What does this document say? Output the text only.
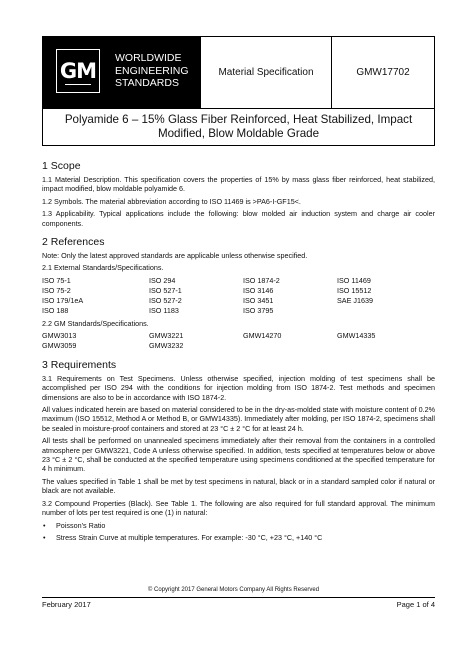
GM
WORLDWIDE
ENGINEERING
STANDARDS
Material Specification	GMW17702
Polyamide 6 – 15% Glass Fiber Reinforced, Heat Stabilized, Impact Modified, Blow Moldable Grade
1 Scope

1.1 Material Description. This specification covers the properties of 15% by mass glass fiber reinforced, heat stabilized, impact modified, blow moldable polyamide 6.

1.2 Symbols. The material abbreviation according to ISO 11469 is >PA6-I-GF15<.

1.3 Applicability. Typical applications include the following: blow molded air induction system and charge air cooler components.

2 References

Note: Only the latest approved standards are applicable unless otherwise specified.

2.1 External Standards/Specifications.

ISO 75-1	ISO 294	ISO 1874-2	ISO 11469
ISO 75-2	ISO 527-1	ISO 3146	ISO 15512
ISO 179/1eA	ISO 527-2	ISO 3451	SAE J1639
ISO 188	ISO 1183	ISO 3795

2.2 GM Standards/Specifications.

GMW3013	GMW3221	GMW14270	GMW14335
GMW3059	GMW3232
3 Requirements

3.1 Requirements on Test Specimens. Unless otherwise specified, injection molding of test specimens shall be accomplished per ISO 294 with the conditions for injection molding from ISO 1874-2. Test methods and specimen dimensions are also to be in accordance with ISO 1874-2.

All values indicated herein are based on material considered to be in the dry-as-molded state with moisture content of 0.2% maximum (ISO 15512, Method A or Method B, or GMW14335). Immediately after molding, per ISO 1874-2, specimens shall be sealed in moisture-proof containers and stored at 23 °C ± 2 °C for at least 24 h.

All tests shall be performed on unannealed specimens immediately after their removal from the containers in a controlled atmosphere per GMW3221, Code A unless otherwise specified. In addition, tests specified at temperatures below or above 23 °C ± 2 °C, shall be conducted at the specified temperature using specimens conditioned at the specified temperature for 4 h minimum.

The values specified in Table 1 shall be met by test specimens in natural, black or in a standard sampled color if natural or black are not available.

3.2 Compound Properties (Black). See Table 1. The following are also required for full standard approval. The minimum number of lots per test required is one (1) in natural:

• Poisson’s Ratio
• Stress Strain Curve at multiple temperatures. For example: -30 °C, +23 °C, +140 °C
© Copyright 2017 General Motors Company All Rights Reserved
February 2017	Page 1 of 4
